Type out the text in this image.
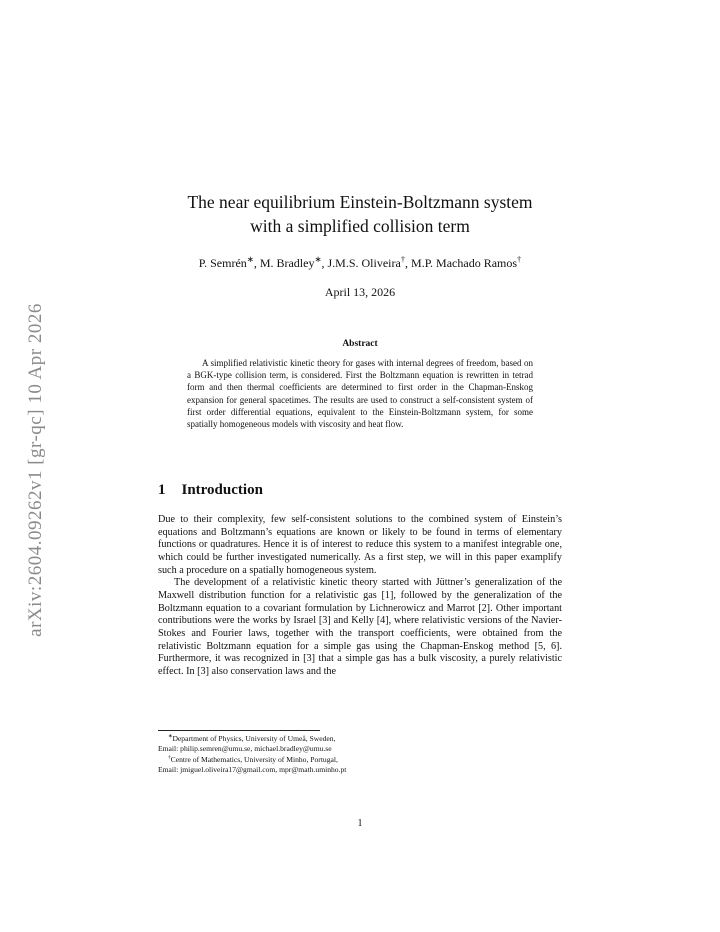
arXiv:2604.09262v1 [gr-qc] 10 Apr 2026
The near equilibrium Einstein-Boltzmann system
with a simplified collision term
P. Semrén∗, M. Bradley∗, J.M.S. Oliveira†, M.P. Machado Ramos†
April 13, 2026
Abstract
A simplified relativistic kinetic theory for gases with internal degrees of freedom, based on a BGK-type collision term, is considered. First the Boltzmann equation is rewritten in tetrad form and then thermal coefficients are determined to first order in the Chapman-Enskog expansion for general spacetimes. The results are used to construct a self-consistent system of first order differential equations, equivalent to the Einstein-Boltzmann system, for some spatially homogeneous models with viscosity and heat flow.
1 Introduction

Due to their complexity, few self-consistent solutions to the combined system of Einstein’s equations and Boltzmann’s equations are known or likely to be found in terms of elementary functions or quadratures. Hence it is of interest to reduce this system to a manifest integrable one, which could be further investigated numerically. As a first step, we will in this paper examplify such a procedure on a spatially homogeneous system.

The development of a relativistic kinetic theory started with Jüttner’s generalization of the Maxwell distribution function for a relativistic gas [1], followed by the generalization of the Boltzmann equation to a covariant formulation by Lichnerowicz and Marrot [2]. Other important contributions were the works by Israel [3] and Kelly [4], where relativistic versions of the Navier-Stokes and Fourier laws, together with the transport coefficients, were obtained from the relativistic Boltzmann equation for a simple gas using the Chapman-Enskog method [5, 6]. Furthermore, it was recognized in [3] that a simple gas has a bulk viscosity, a purely relativistic effect. In [3] also conservation laws and the

∗Department of Physics, University of Umeå, Sweden,
Email: philip.semren@umu.se, michael.bradley@umu.se
†Centre of Mathematics, University of Minho, Portugal,
Email: jmiguel.oliveira17@gmail.com, mpr@math.uminho.pt
1
